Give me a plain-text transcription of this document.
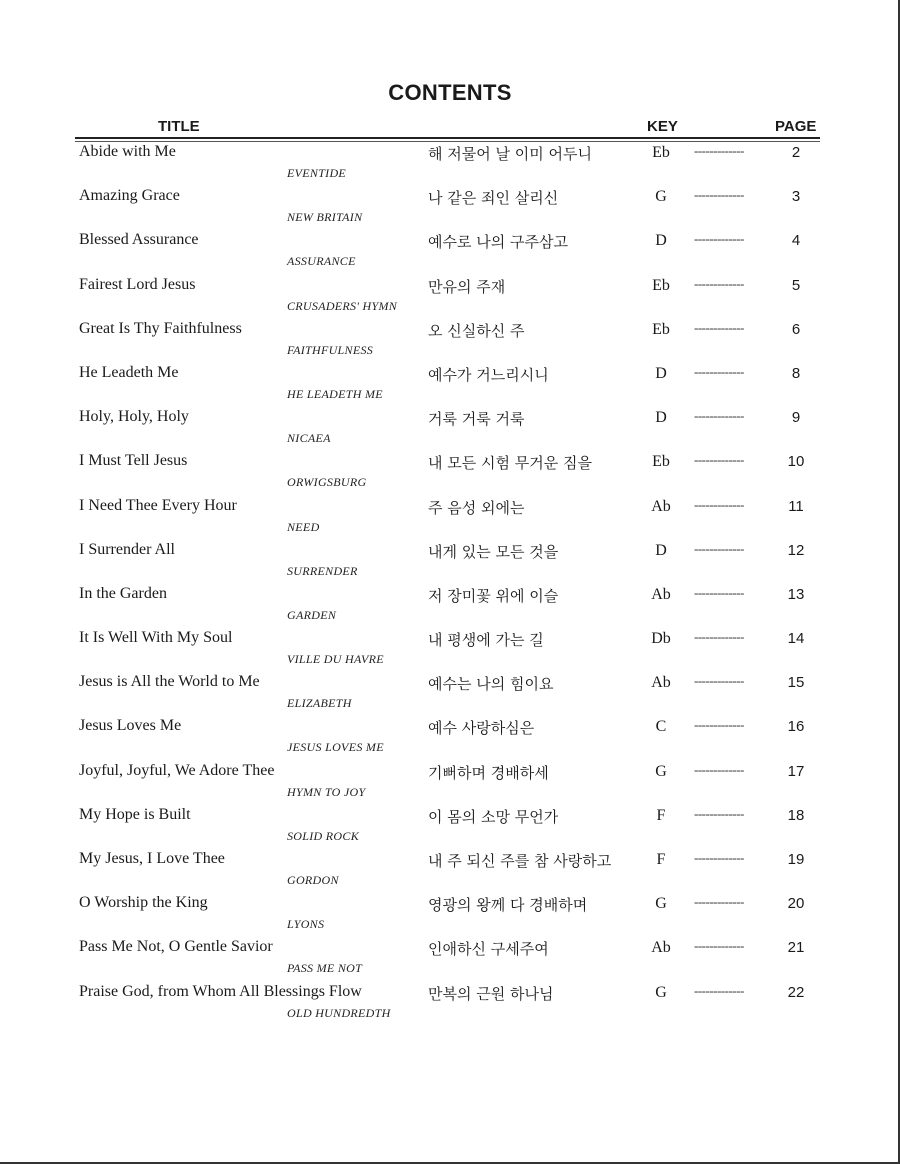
CONTENTS
TITLE	KEY	PAGE
Abide with Me
EVENTIDE
해 저물어 날 이미 어두니	Eb	-------------	2
Amazing Grace
NEW BRITAIN
나 같은 죄인 살리신	G	-------------	3
Blessed Assurance
ASSURANCE
예수로 나의 구주삼고	D	-------------	4
Fairest Lord Jesus
CRUSADERS' HYMN
만유의 주재	Eb	-------------	5
Great Is Thy Faithfulness
FAITHFULNESS
오 신실하신 주	Eb	-------------	6
He Leadeth Me
HE LEADETH ME
예수가 거느리시니	D	-------------	8
Holy, Holy, Holy
NICAEA
거룩 거룩 거룩	D	-------------	9
I Must Tell Jesus
ORWIGSBURG
내 모든 시험 무거운 짐을	Eb	-------------	10
I Need Thee Every Hour
NEED
주 음성 외에는	Ab	-------------	11
I Surrender All
SURRENDER
내게 있는 모든 것을	D	-------------	12
In the Garden
GARDEN
저 장미꽃 위에 이슬	Ab	-------------	13
It Is Well With My Soul
VILLE DU HAVRE
내 평생에 가는 길	Db	-------------	14
Jesus is All the World to Me
ELIZABETH
예수는 나의 힘이요	Ab	-------------	15
Jesus Loves Me
JESUS LOVES ME
예수 사랑하심은	C	-------------	16
Joyful, Joyful, We Adore Thee
HYMN TO JOY
기뻐하며 경배하세	G	-------------	17
My Hope is Built
SOLID ROCK
이 몸의 소망 무언가	F	-------------	18
My Jesus, I Love Thee
GORDON
내 주 되신 주를 참 사랑하고	F	-------------	19
O Worship the King
LYONS
영광의 왕께 다 경배하며	G	-------------	20
Pass Me Not, O Gentle Savior
PASS ME NOT
인애하신 구세주여	Ab	-------------	21
Praise God, from Whom All Blessings Flow
OLD HUNDREDTH
만복의 근원 하나님	G	-------------	22
